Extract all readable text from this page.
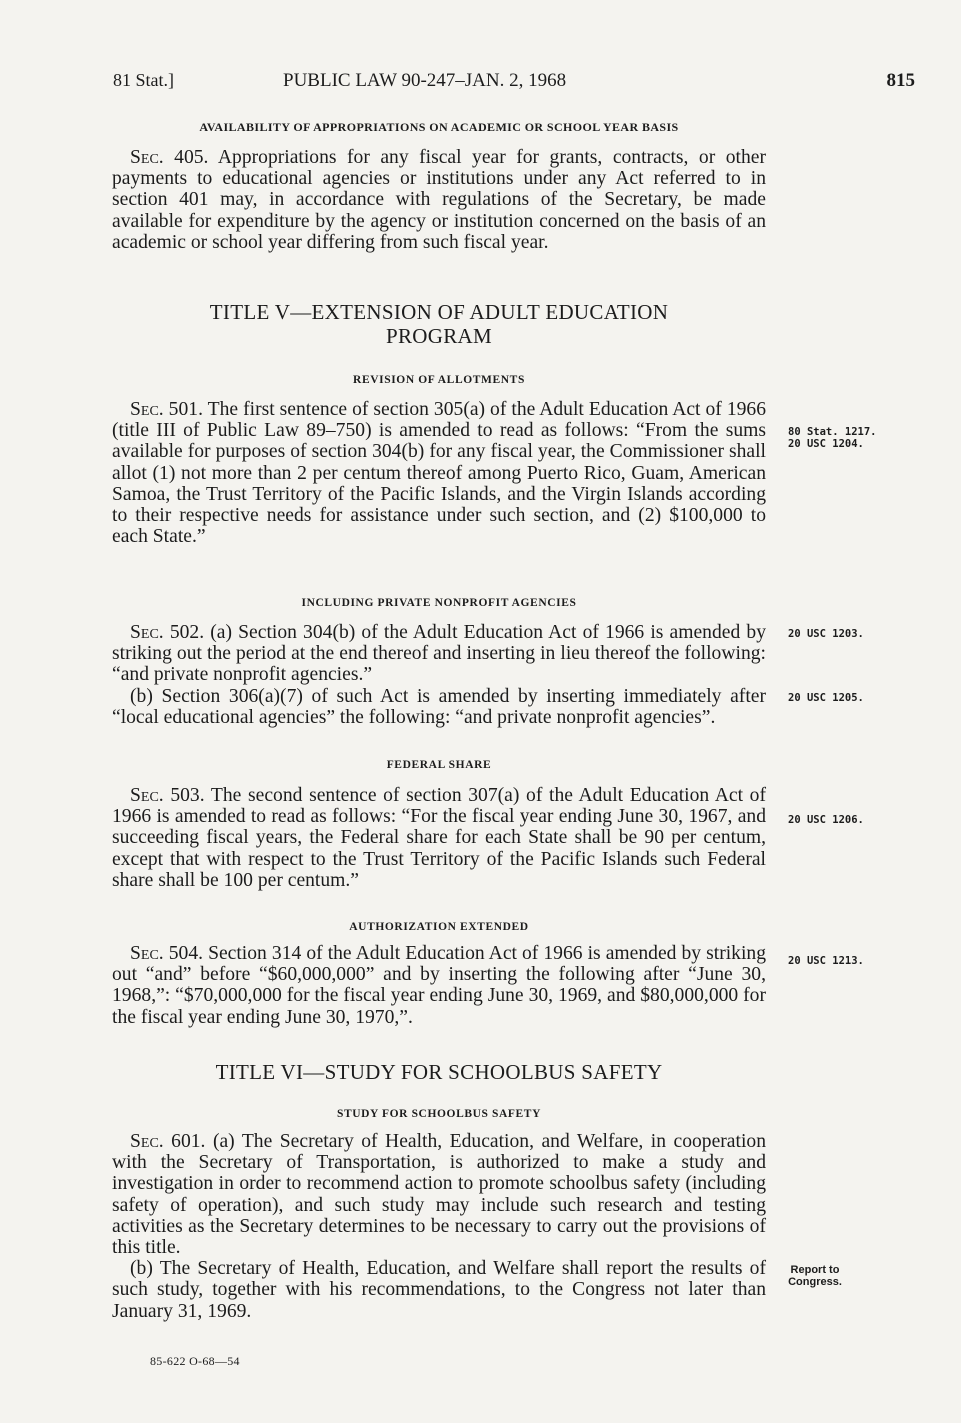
81 Stat.]	PUBLIC LAW 90-247–JAN. 2, 1968	815

AVAILABILITY OF APPROPRIATIONS ON ACADEMIC OR SCHOOL YEAR BASIS

Sec. 405. Appropriations for any fiscal year for grants, contracts, or other payments to educational agencies or institutions under any Act referred to in section 401 may, in accordance with regulations of the Secretary, be made available for expenditure by the agency or institution concerned on the basis of an academic or school year differing from such fiscal year.

TITLE V—EXTENSION OF ADULT EDUCATION

PROGRAM

REVISION OF ALLOTMENTS

Sec. 501. The first sentence of section 305(a) of the Adult Education Act of 1966 (title III of Public Law 89–750) is amended to read as follows: “From the sums available for purposes of section 304(b) for any fiscal year, the Commissioner shall allot (1) not more than 2 per centum thereof among Puerto Rico, Guam, American Samoa, the Trust Territory of the Pacific Islands, and the Virgin Islands according to their respective needs for assistance under such section, and (2) $100,000 to each State.”

80 Stat. 1217.
20 USC 1204.

INCLUDING PRIVATE NONPROFIT AGENCIES

Sec. 502. (a) Section 304(b) of the Adult Education Act of 1966 is amended by striking out the period at the end thereof and inserting in lieu thereof the following: “and private nonprofit agencies.”

(b) Section 306(a)(7) of such Act is amended by inserting immediately after “local educational agencies” the following: “and private nonprofit agencies”.

20 USC 1203.
20 USC 1205.

FEDERAL SHARE

Sec. 503. The second sentence of section 307(a) of the Adult Education Act of 1966 is amended to read as follows: “For the fiscal year ending June 30, 1967, and succeeding fiscal years, the Federal share for each State shall be 90 per centum, except that with respect to the Trust Territory of the Pacific Islands such Federal share shall be 100 per centum.”

20 USC 1206.

AUTHORIZATION EXTENDED

Sec. 504. Section 314 of the Adult Education Act of 1966 is amended by striking out “and” before “$60,000,000” and by inserting the following after “June 30, 1968,”: “$70,000,000 for the fiscal year ending June 30, 1969, and $80,000,000 for the fiscal year ending June 30, 1970,”.

20 USC 1213.

TITLE VI—STUDY FOR SCHOOLBUS SAFETY

STUDY FOR SCHOOLBUS SAFETY

Sec. 601. (a) The Secretary of Health, Education, and Welfare, in cooperation with the Secretary of Transportation, is authorized to make a study and investigation in order to recommend action to promote schoolbus safety (including safety of operation), and such study may include such research and testing activities as the Secretary determines to be necessary to carry out the provisions of this title.

(b) The Secretary of Health, Education, and Welfare shall report the results of such study, together with his recommendations, to the Congress not later than January 31, 1969.

Report to
Congress.
85-622 O-68—54
